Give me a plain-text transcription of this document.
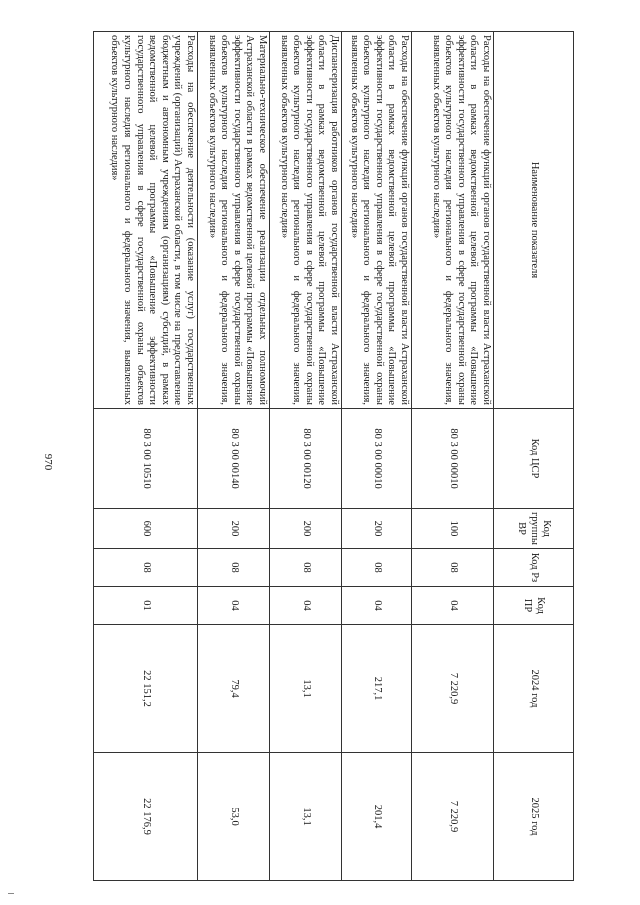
970
Наименование показателя	Код ЦСР	Код группы ВР	Код Рз	Код ПР	2024 год	2025 год
Расходы на обеспечение функций органов государственной власти Астраханской области в рамках ведомственной целевой программы «Повышение эффективности государственного управления в сфере государственной охраны объектов культурного наследия регионального и федерального значения, выявленных объектов культурного наследия»	80 3 00 00010	100	08	04	7 220,9	7 220,9
Расходы на обеспечение функций органов государственной власти Астраханской области в рамках ведомственной целевой программы «Повышение эффективности государственного управления в сфере государственной охраны объектов культурного наследия регионального и федерального значения, выявленных объектов культурного наследия»	80 3 00 00010	200	08	04	217,1	201,4
Диспансеризация работников органов государственной власти Астраханской области в рамках ведомственной целевой программы «Повышение эффективности государственного управления в сфере государственной охраны объектов культурного наследия регионального и федерального значения, выявленных объектов культурного наследия»	80 3 00 00120	200	08	04	13,1	13,1
Материально-техническое обеспечение реализации отдельных полномочий Астраханской области в рамках ведомственной целевой программы «Повышение эффективности государственного управления в сфере государственной охраны объектов культурного наследия регионального и федерального значения, выявленных объектов культурного наследия»	80 3 00 00140	200	08	04	79,4	53,0
Расходы на обеспечение деятельности (оказание услуг) государственных учреждений (организаций) Астраханской области, в том числе на предоставление бюджетным и автономным учреждениям (организациям) субсидий, в рамках ведомственной целевой программы «Повышение эффективности государственного управления в сфере государственной охраны объектов культурного наследия регионального и федерального значения, выявленных объектов культурного наследия»	80 3 00 10510	600	08	01	22 151,2	22 176,9
